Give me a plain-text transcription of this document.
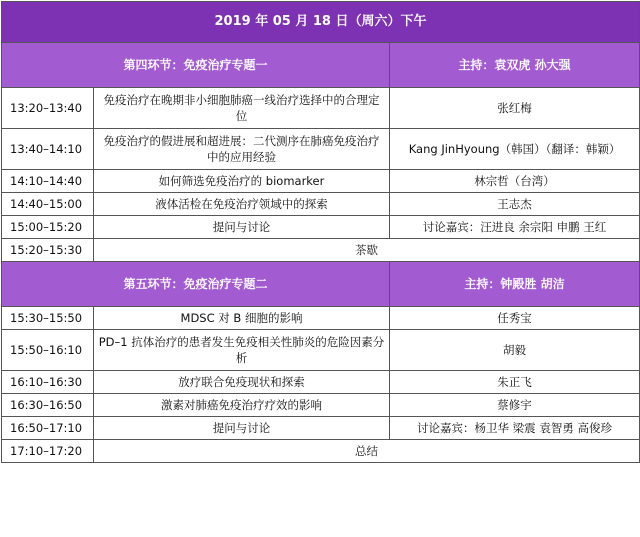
2019 年 05 月 18 日（周六）下午		
第四环节：免疫治疗专题一		主持：袁双虎 孙大强
13:20–13:40	免疫治疗在晚期非小细胞肺癌一线治疗选择中的合理定位	张红梅
13:40–14:10	免疫治疗的假进展和超进展：二代测序在肺癌免疫治疗中的应用经验	Kang JinHyoung（韩国）（翻译：韩颖）
14:10–14:40	如何筛选免疫治疗的 biomarker	林宗哲（台湾）
14:40–15:00	液体活检在免疫治疗领域中的探索	王志杰
15:00–15:20	提问与讨论	讨论嘉宾：汪进良 余宗阳 申鹏 王红
15:20–15:30	茶歇	
第五环节：免疫治疗专题二		主持：钟殿胜 胡洁
15:30–15:50	MDSC 对 B 细胞的影响	任秀宝
15:50–16:10	PD–1 抗体治疗的患者发生免疫相关性肺炎的危险因素分析	胡毅
16:10–16:30	放疗联合免疫现状和探索	朱正飞
16:30–16:50	激素对肺癌免疫治疗疗效的影响	蔡修宇
16:50–17:10	提问与讨论	讨论嘉宾：杨卫华 梁震 袁智勇 高俊珍
17:10–17:20	总结	
